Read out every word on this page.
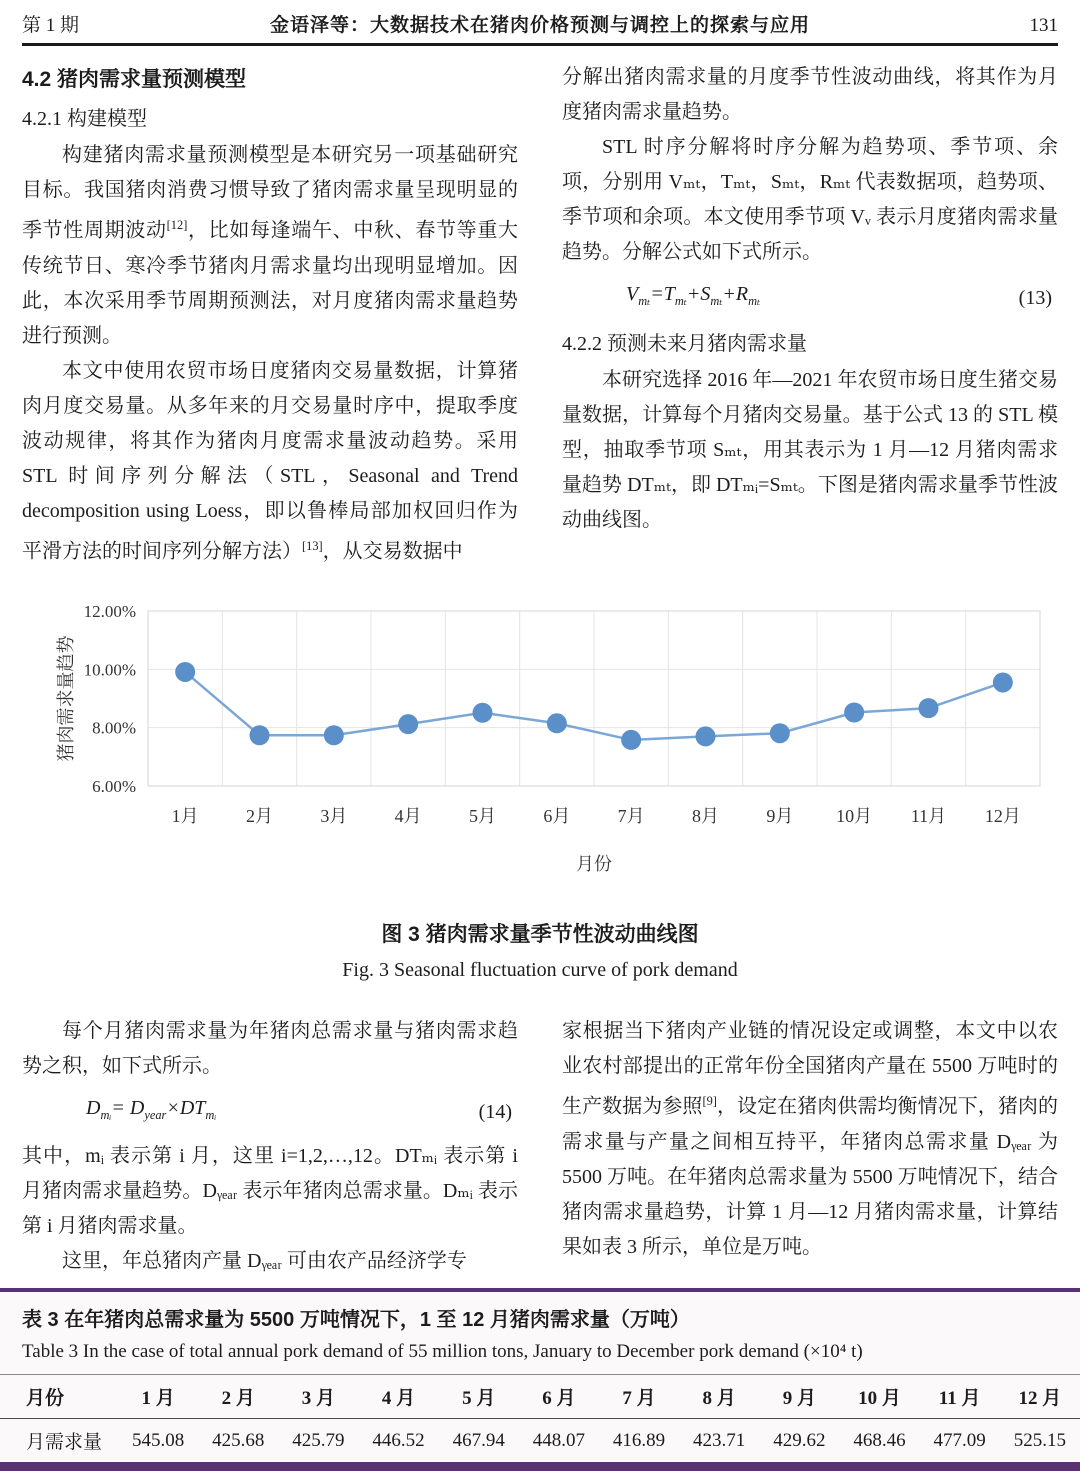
第 1 期	金语泽等：大数据技术在猪肉价格预测与调控上的探索与应用	131
4.2 猪肉需求量预测模型
4.2.1 构建模型

构建猪肉需求量预测模型是本研究另一项基础研究目标。我国猪肉消费习惯导致了猪肉需求量呈现明显的季节性周期波动[12]，比如每逢端午、中秋、春节等重大传统节日、寒冷季节猪肉月需求量均出现明显增加。因此，本次采用季节周期预测法，对月度猪肉需求量趋势进行预测。

本文中使用农贸市场日度猪肉交易量数据，计算猪肉月度交易量。从多年来的月交易量时序中，提取季度波动规律，将其作为猪肉月度需求量波动趋势。采用 STL 时间序列分解法（STL，Seasonal and Trend decomposition using Loess，即以鲁棒局部加权回归作为平滑方法的时间序列分解方法）[13]，从交易数据中

分解出猪肉需求量的月度季节性波动曲线，将其作为月度猪肉需求量趋势。

STL 时序分解将时序分解为趋势项、季节项、余项，分别用 Vₘₜ，Tₘₜ，Sₘₜ，Rₘₜ 代表数据项，趋势项、季节项和余项。本文使用季节项 Vᵥ 表示月度猪肉需求量趋势。分解公式如下式所示。

$V_{m_t}=T_{m_t}+S_{m_t}+R_{m_t}$	(13)
4.2.2 预测未来月猪肉需求量

本研究选择 2016 年—2021 年农贸市场日度生猪交易量数据，计算每个月猪肉交易量。基于公式 13 的 STL 模型，抽取季节项 Sₘₜ，用其表示为 1 月—12 月猪肉需求量趋势 DTₘₜ，即 DTₘᵢ=Sₘₜ。下图是猪肉需求量季节性波动曲线图。

6.00%
8.00%
10.00%
12.00%
1月	2月	3月	4月	5月	6月	7月	8月	9月 10月 11月 12月
月份
猪肉需求量趋势
图 3 猪肉需求量季节性波动曲线图
Fig. 3 Seasonal fluctuation curve of pork demand

每个月猪肉需求量为年猪肉总需求量与猪肉需求趋势之积，如下式所示。

$D_{mᵢ}= D_{year}\times DT_{mᵢ}$	(14)

其中，mᵢ 表示第 i 月，这里 i=1,2,…,12。DTₘᵢ 表示第 i 月猪肉需求量趋势。Dᵧₑₐᵣ 表示年猪肉总需求量。Dₘᵢ 表示第 i 月猪肉需求量。

这里，年总猪肉产量 Dᵧₑₐᵣ 可由农产品经济学专

家根据当下猪肉产业链的情况设定或调整，本文中以农业农村部提出的正常年份全国猪肉产量在 5500 万吨时的生产数据为参照[9]，设定在猪肉供需均衡情况下，猪肉的需求量与产量之间相互持平，年猪肉总需求量 Dᵧₑₐᵣ 为 5500 万吨。在年猪肉总需求量为 5500 万吨情况下，结合猪肉需求量趋势，计算 1 月—12 月猪肉需求量，计算结果如表 3 所示，单位是万吨。

表 3 在年猪肉总需求量为 5500 万吨情况下，1 至 12 月猪肉需求量（万吨）
Table 3 In the case of total annual pork demand of 55 million tons, January to December pork demand (×10⁴ t)
月份	1 月	2 月	3 月	4 月	5 月	6 月	7 月	8 月	9 月	10 月	11 月	12 月
月需求量	545.08	425.68	425.79	446.52	467.94	448.07	416.89	423.71	429.62	468.46	477.09	525.15
